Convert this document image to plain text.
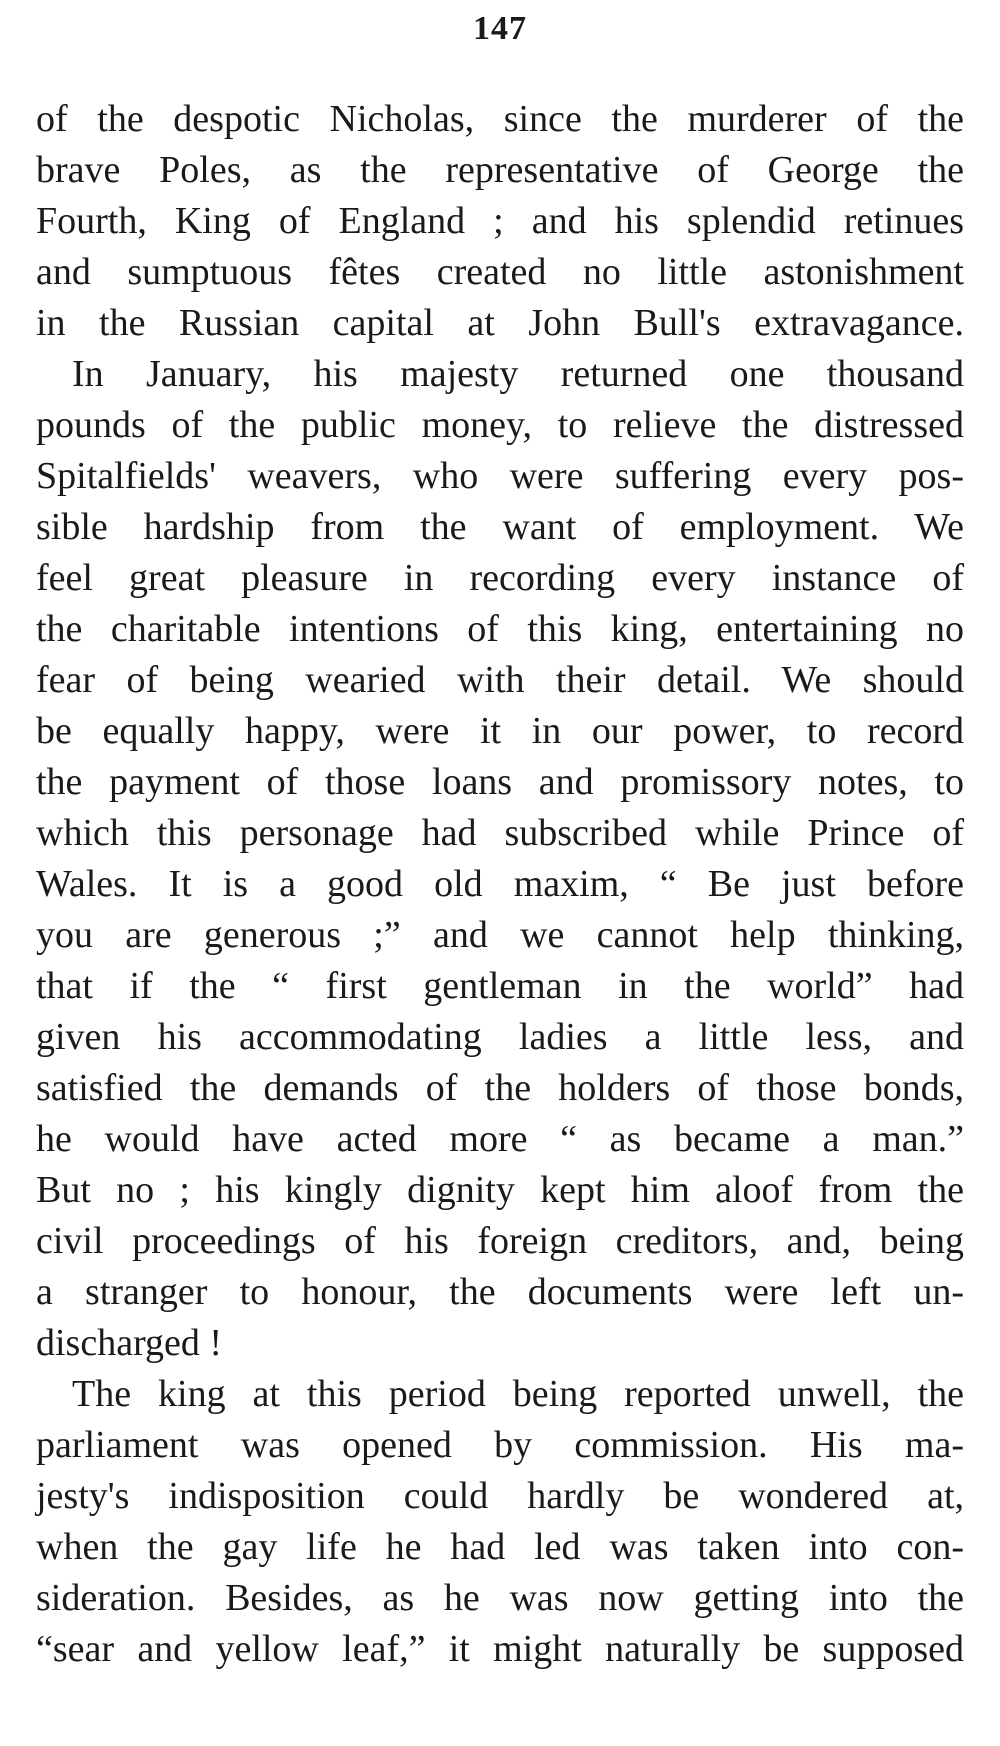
147
of the despotic Nicholas, since the murderer of the
brave Poles, as the representative of George the
Fourth, King of England ; and his splendid retinues
and sumptuous fêtes created no little astonishment
in the Russian capital at John Bull's extravagance.
In January, his majesty returned one thousand
pounds of the public money, to relieve the distressed
Spitalfields' weavers, who were suffering every pos-
sible hardship from the want of employment. We
feel great pleasure in recording every instance of
the charitable intentions of this king, entertaining no
fear of being wearied with their detail. We should
be equally happy, were it in our power, to record
the payment of those loans and promissory notes, to
which this personage had subscribed while Prince of
Wales. It is a good old maxim, “ Be just before
you are generous ;” and we cannot help thinking,
that if the “ first gentleman in the world” had
given his accommodating ladies a little less, and
satisfied the demands of the holders of those bonds,
he would have acted more “ as became a man.”
But no ; his kingly dignity kept him aloof from the
civil proceedings of his foreign creditors, and, being
a stranger to honour, the documents were left un-
discharged !
The king at this period being reported unwell, the
parliament was opened by commission. His ma-
jesty's indisposition could hardly be wondered at,
when the gay life he had led was taken into con-
sideration. Besides, as he was now getting into the
“sear and yellow leaf,” it might naturally be supposed
